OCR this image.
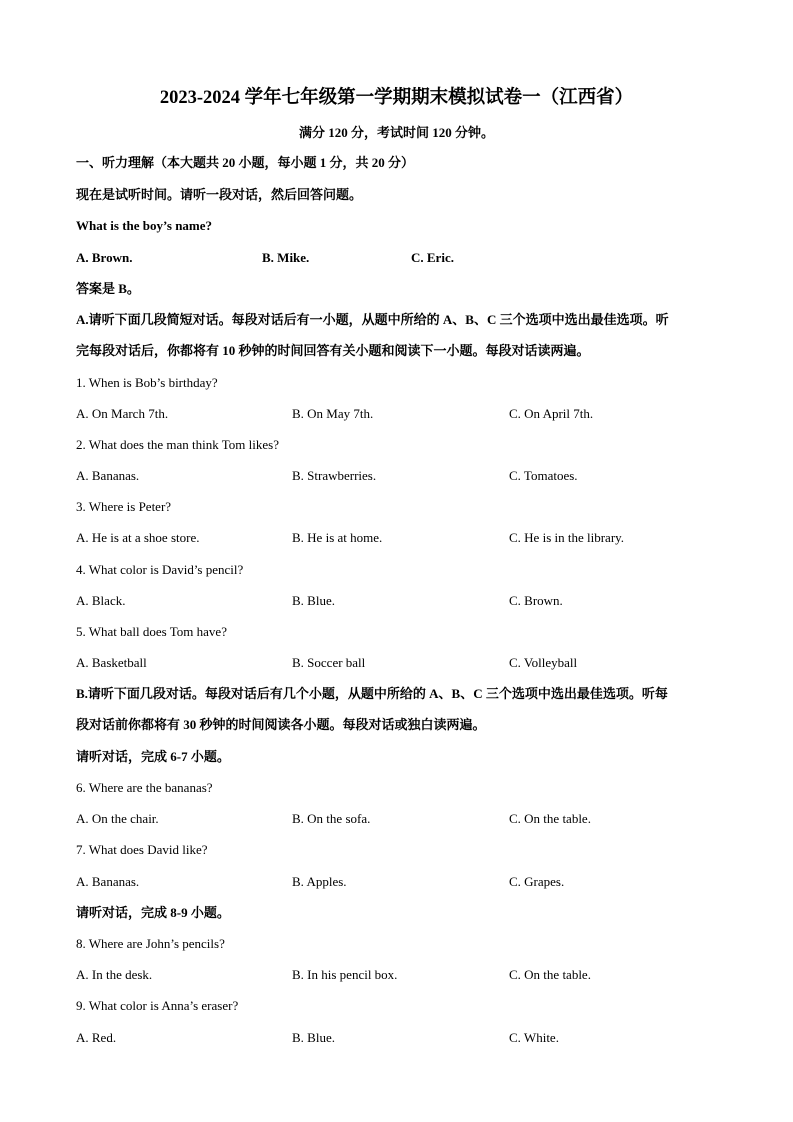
2023-2024 学年七年级第一学期期末模拟试卷一（江西省）
满分 120 分，考试时间 120 分钟。
一、听力理解（本大题共 20 小题，每小题 1 分，共 20 分）
现在是试听时间。请听一段对话，然后回答问题。
What is the boy’s name?
A. Brown.	B. Mike.	C. Eric.
答案是 B。
A.请听下面几段简短对话。每段对话后有一小题，从题中所给的 A、B、C 三个选项中选出最佳选项。听
完每段对话后，你都将有 10 秒钟的时间回答有关小题和阅读下一小题。每段对话读两遍。
1. When is Bob’s birthday?
A. On March 7th.	B. On May 7th.	C. On April 7th.
2. What does the man think Tom likes?
A. Bananas.	B. Strawberries.	C. Tomatoes.
3. Where is Peter?
A. He is at a shoe store.	B. He is at home.	C. He is in the library.
4. What color is David’s pencil?
A. Black.	B. Blue.	C. Brown.
5. What ball does Tom have?
A. Basketball	B. Soccer ball	C. Volleyball
B.请听下面几段对话。每段对话后有几个小题，从题中所给的 A、B、C 三个选项中选出最佳选项。听每
段对话前你都将有 30 秒钟的时间阅读各小题。每段对话或独白读两遍。
请听对话，完成 6-7 小题。
6. Where are the bananas?
A. On the chair.	B. On the sofa.	C. On the table.
7. What does David like?
A. Bananas.	B. Apples.	C. Grapes.
请听对话，完成 8-9 小题。
8. Where are John’s pencils?
A. In the desk.	B. In his pencil box.	C. On the table.
9. What color is Anna’s eraser?
A. Red.	B. Blue.	C. White.
